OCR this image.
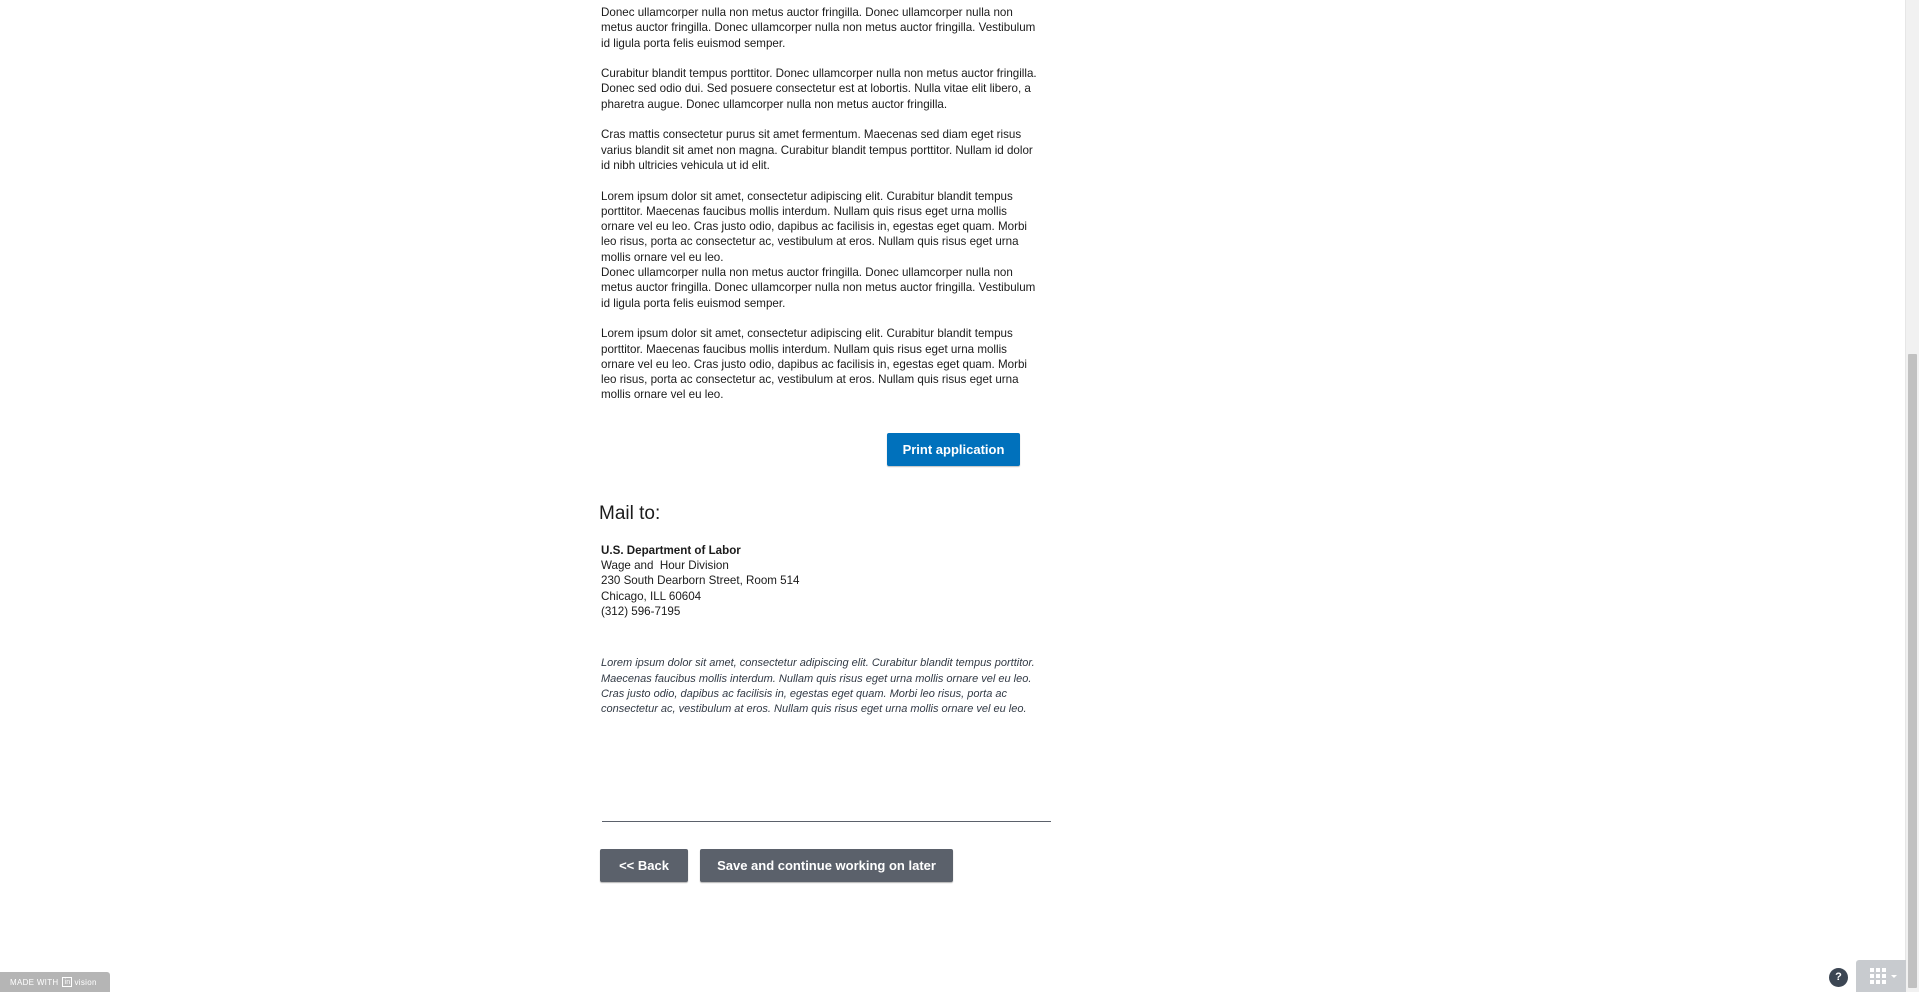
Donec ullamcorper nulla non metus auctor fringilla. Donec ullamcorper nulla non metus auctor fringilla. Donec ullamcorper nulla non metus auctor fringilla. Vestibulum id ligula porta felis euismod semper.

Curabitur blandit tempus porttitor. Donec ullamcorper nulla non metus auctor fringilla. Donec sed odio dui. Sed posuere consectetur est at lobortis. Nulla vitae elit libero, a pharetra augue. Donec ullamcorper nulla non metus auctor fringilla.

Cras mattis consectetur purus sit amet fermentum. Maecenas sed diam eget risus varius blandit sit amet non magna. Curabitur blandit tempus porttitor. Nullam id dolor id nibh ultricies vehicula ut id elit.

Lorem ipsum dolor sit amet, consectetur adipiscing elit. Curabitur blandit tempus porttitor. Maecenas faucibus mollis interdum. Nullam quis risus eget urna mollis ornare vel eu leo. Cras justo odio, dapibus ac facilisis in, egestas eget quam. Morbi leo risus, porta ac consectetur ac, vestibulum at eros. Nullam quis risus eget urna mollis ornare vel eu leo.

Donec ullamcorper nulla non metus auctor fringilla. Donec ullamcorper nulla non metus auctor fringilla. Donec ullamcorper nulla non metus auctor fringilla. Vestibulum id ligula porta felis euismod semper.

Lorem ipsum dolor sit amet, consectetur adipiscing elit. Curabitur blandit tempus porttitor. Maecenas faucibus mollis interdum. Nullam quis risus eget urna mollis ornare vel eu leo. Cras justo odio, dapibus ac facilisis in, egestas eget quam. Morbi leo risus, porta ac consectetur ac, vestibulum at eros. Nullam quis risus eget urna mollis ornare vel eu leo.

Print application
Mail to:
U.S. Department of Labor
Wage and  Hour Division
230 South Dearborn Street, Room 514
Chicago, ILL 60604
(312) 596-7195

Lorem ipsum dolor sit amet, consectetur adipiscing elit. Curabitur blandit tempus porttitor. Maecenas faucibus mollis interdum. Nullam quis risus eget urna mollis ornare vel eu leo. Cras justo odio, dapibus ac facilisis in, egestas eget quam. Morbi leo risus, porta ac consectetur ac, vestibulum at eros. Nullam quis risus eget urna mollis ornare vel eu leo.

<< Back	Save and continue working on later
MADE WITH in vision	?
